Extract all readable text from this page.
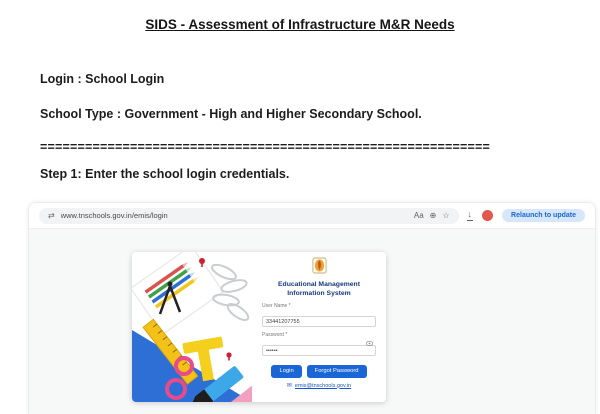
SIDS - Assessment of Infrastructure M&R Needs
Login : School Login
School Type : Government - High and Higher Secondary School.
============================================================
Step 1: Enter the school login credentials.
⇄ www.tnschools.gov.in/emis/login	Aa ⊕ ☆ ↓	Relaunch to update
Educational Management Information System
User Name *
33441207755
Password *
••••••
Login	Forgot Password
✉ emis@tnschools.gov.in
